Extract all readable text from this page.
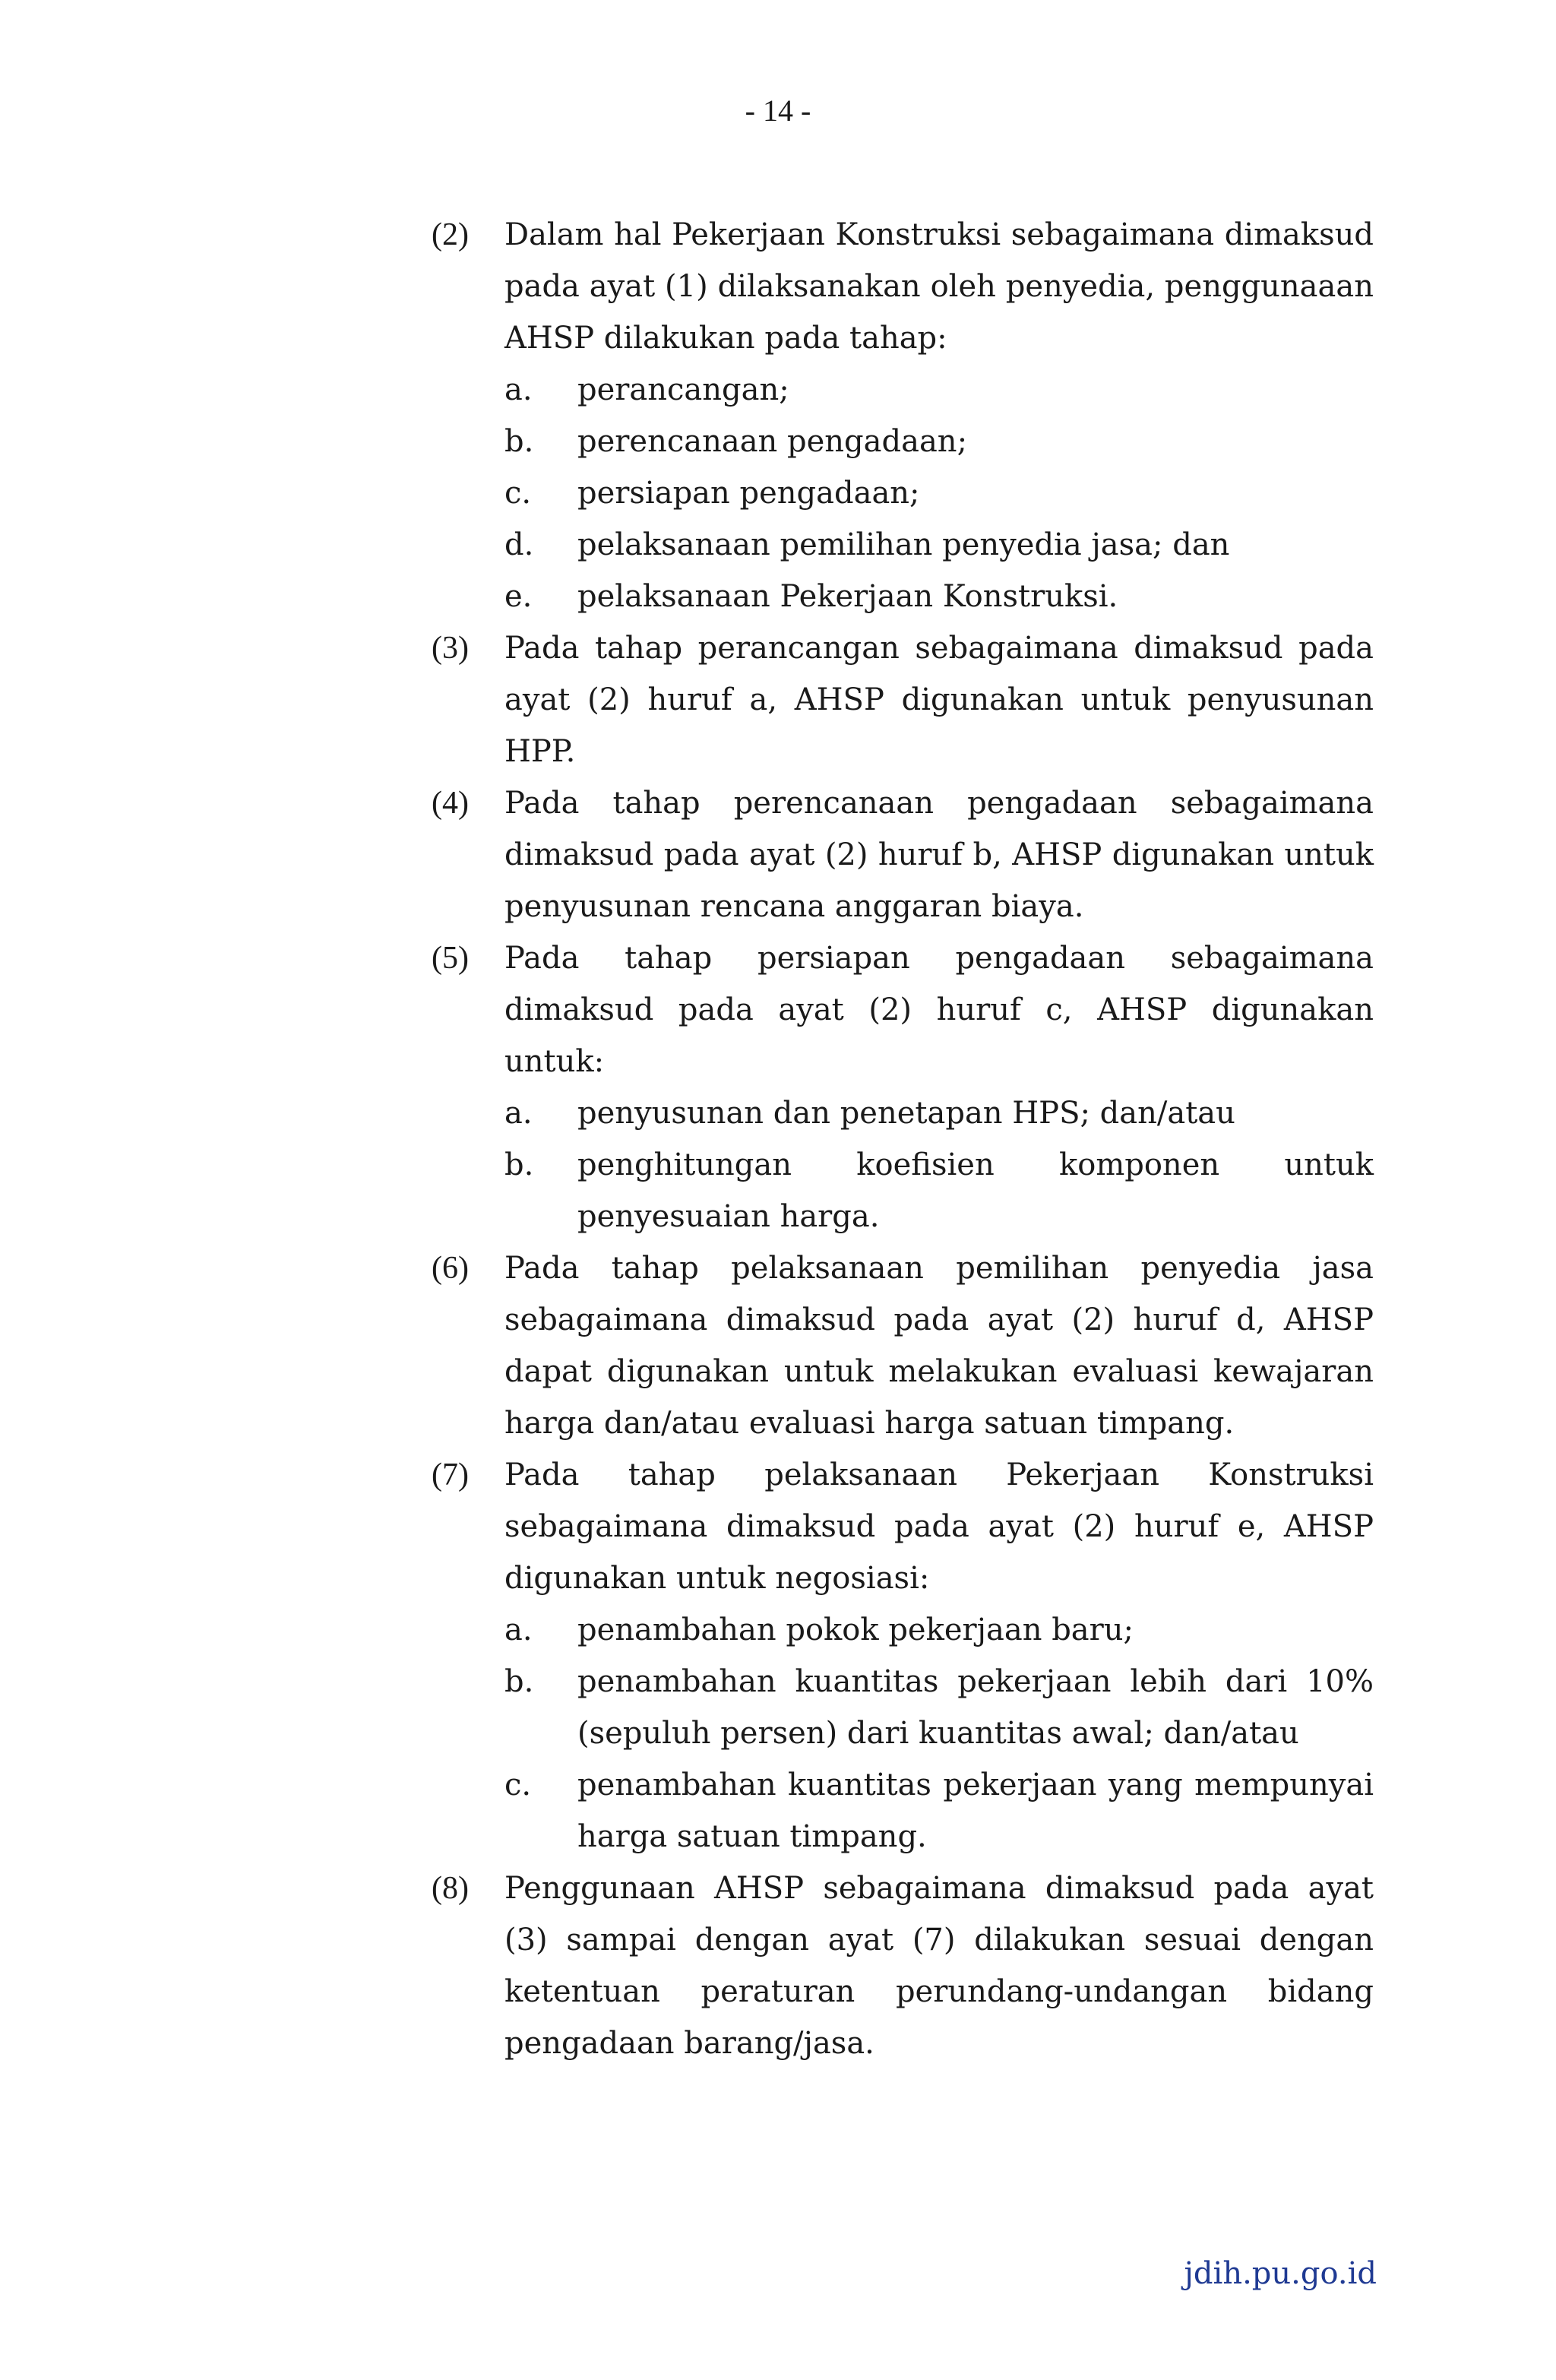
- 14 -
(2) Dalam hal Pekerjaan Konstruksi sebagaimana dimaksud pada ayat (1) dilaksanakan oleh penyedia, penggunaaan AHSP dilakukan pada tahap:
a. perancangan;
b. perencanaan pengadaan;
c. persiapan pengadaan;
d. pelaksanaan pemilihan penyedia jasa; dan
e. pelaksanaan Pekerjaan Konstruksi.
(3) Pada tahap perancangan sebagaimana dimaksud pada ayat (2) huruf a, AHSP digunakan untuk penyusunan HPP.
(4) Pada tahap perencanaan pengadaan sebagaimana dimaksud pada ayat (2) huruf b, AHSP digunakan untuk penyusunan rencana anggaran biaya.
(5) Pada tahap persiapan pengadaan sebagaimana dimaksud pada ayat (2) huruf c, AHSP digunakan untuk:
a. penyusunan dan penetapan HPS; dan/atau
b. penghitungan koefisien komponen untuk penyesuaian harga.
(6) Pada tahap pelaksanaan pemilihan penyedia jasa sebagaimana dimaksud pada ayat (2) huruf d, AHSP dapat digunakan untuk melakukan evaluasi kewajaran harga dan/atau evaluasi harga satuan timpang.
(7) Pada tahap pelaksanaan Pekerjaan Konstruksi sebagaimana dimaksud pada ayat (2) huruf e, AHSP digunakan untuk negosiasi:
a. penambahan pokok pekerjaan baru;
b. penambahan kuantitas pekerjaan lebih dari 10% (sepuluh persen) dari kuantitas awal; dan/atau
c. penambahan kuantitas pekerjaan yang mempunyai harga satuan timpang.
(8) Penggunaan AHSP sebagaimana dimaksud pada ayat (3) sampai dengan ayat (7) dilakukan sesuai dengan ketentuan peraturan perundang-undangan bidang pengadaan barang/jasa.
jdih.pu.go.id
